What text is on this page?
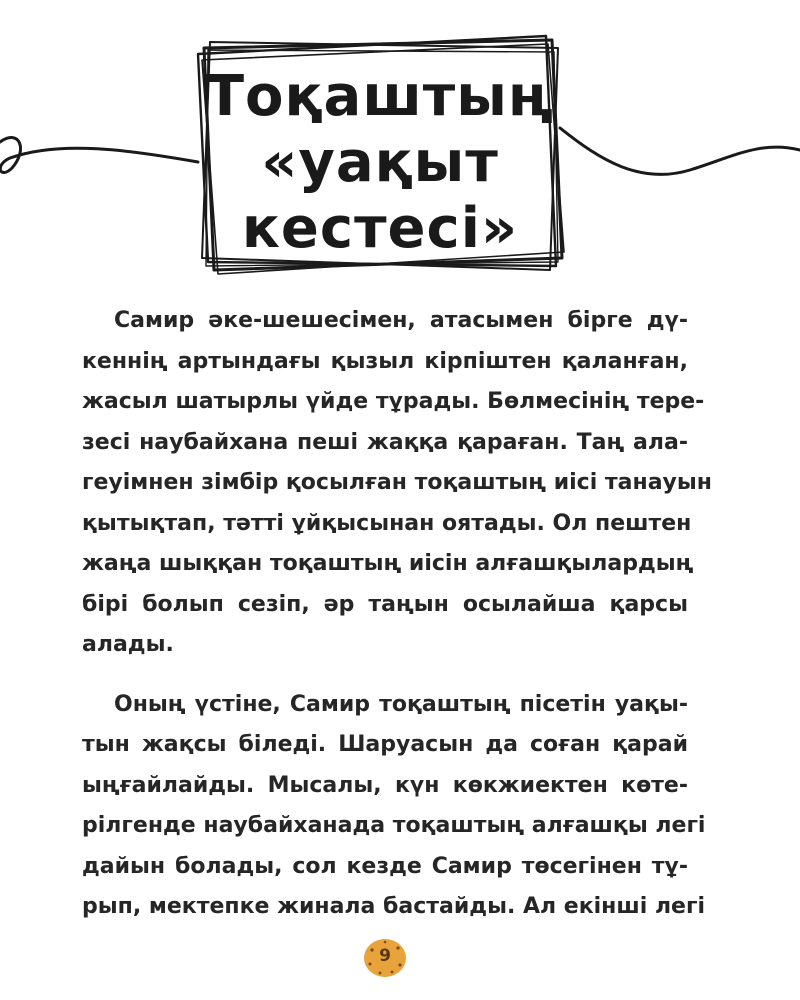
Тоқаштың
«уақыт
кестесі»
Самир әке-шешесімен, атасымен бірге дү-
кеннің артындағы қызыл кірпіштен қаланған,
жасыл шатырлы үйде тұрады. Бөлмесінің тере-
зесі наубайхана пеші жаққа қараған. Таң ала-
геуімнен зімбір қосылған тоқаштың иісі танауын
қытықтап, тәтті ұйқысынан оятады. Ол пештен
жаңа шыққан тоқаштың иісін алғашқылардың
бірі болып сезіп, әр таңын осылайша қарсы
алады.
Оның үстіне, Самир тоқаштың пісетін уақы-
тын жақсы біледі. Шаруасын да соған қарай
ыңғайлайды. Мысалы, күн көкжиектен көте-
рілгенде наубайханада тоқаштың алғашқы легі
дайын болады, сол кезде Самир төсегінен тұ-
рып, мектепке жинала бастайды. Ал екінші легі
9
